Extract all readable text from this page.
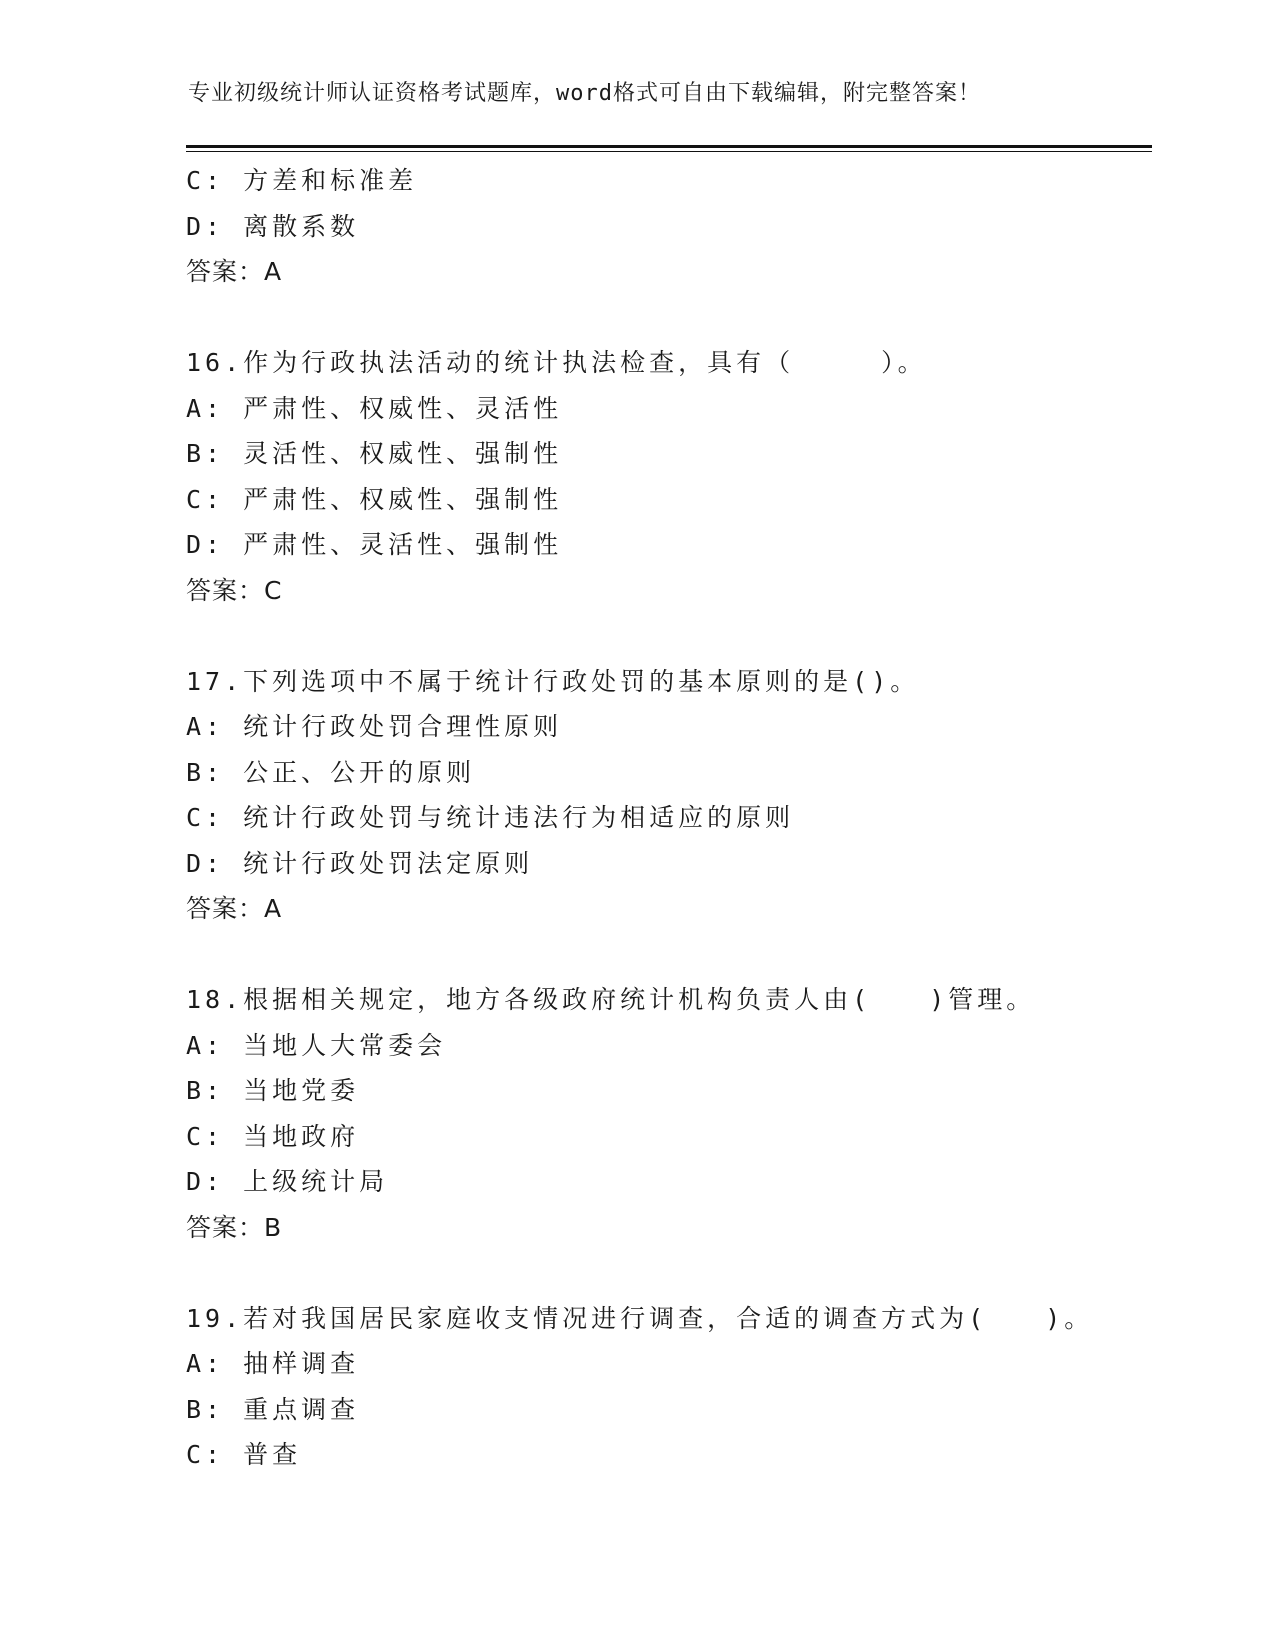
专业初级统计师认证资格考试题库，word格式可自由下载编辑，附完整答案！
C: 方差和标准差
D: 离散系数
答案：A
16.作为行政执法活动的统计执法检查，具有（　　　）。
A: 严肃性、权威性、灵活性
B: 灵活性、权威性、强制性
C: 严肃性、权威性、强制性
D: 严肃性、灵活性、强制性
答案：C
17.下列选项中不属于统计行政处罚的基本原则的是()。
A: 统计行政处罚合理性原则
B: 公正、公开的原则
C: 统计行政处罚与统计违法行为相适应的原则
D: 统计行政处罚法定原则
答案：A
18.根据相关规定，地方各级政府统计机构负责人由(　　)管理。
A: 当地人大常委会
B: 当地党委
C: 当地政府
D: 上级统计局
答案：B
19.若对我国居民家庭收支情况进行调查，合适的调查方式为(　　)。
A: 抽样调查
B: 重点调查
C: 普查
